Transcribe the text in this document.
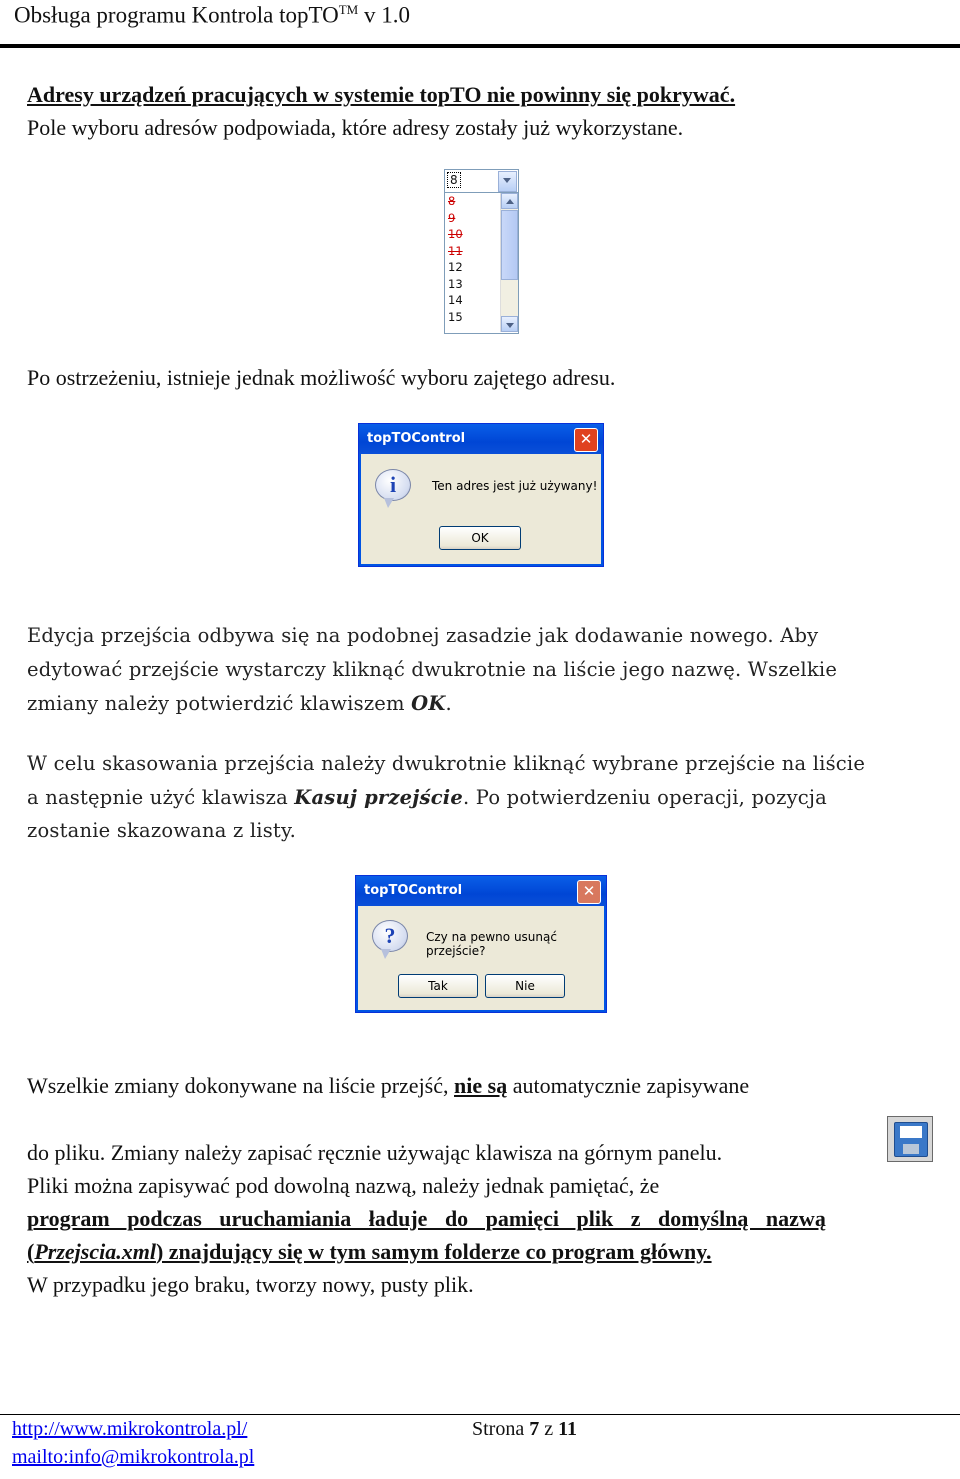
Obsługa programu Kontrola topTO™ v 1.0
Adresy urządzeń pracujących w systemie topTO nie powinny się pokrywać.
Pole wyboru adresów podpowiada, które adresy zostały już wykorzystane.
8
8
9
10
11
12
13
14
15
Po ostrzeżeniu, istnieje jednak możliwość wyboru zajętego adresu.
topTOControl	✕
i	Ten adres jest już używany!
OK
Edycja przejścia odbywa się na podobnej zasadzie jak dodawanie nowego. Aby
edytować przejście wystarczy kliknąć dwukrotnie na liście jego nazwę. Wszelkie
zmiany należy potwierdzić klawiszem OK.
W celu skasowania przejścia należy dwukrotnie kliknąć wybrane przejście na liście
a następnie użyć klawisza Kasuj przejście. Po potwierdzeniu operacji, pozycja
zostanie skazowana z listy.
topTOControl	✕
?	Czy na pewno usunąć przejście?
Tak	Nie
Wszelkie zmiany dokonywane na liście przejść, nie są automatycznie zapisywane
do pliku. Zmiany należy zapisać ręcznie używając klawisza na górnym panelu.
Pliki można zapisywać pod dowolną nazwą, należy jednak pamiętać, że
program podczas uruchamiania ładuje do pamięci plik z domyślną nazwą
(Przejscia.xml) znajdujący się w tym samym folderze co program główny.
W przypadku jego braku, tworzy nowy, pusty plik.
http://www.mikrokontrola.pl/
mailto:info@mikrokontrola.pl
Strona 7 z 11
